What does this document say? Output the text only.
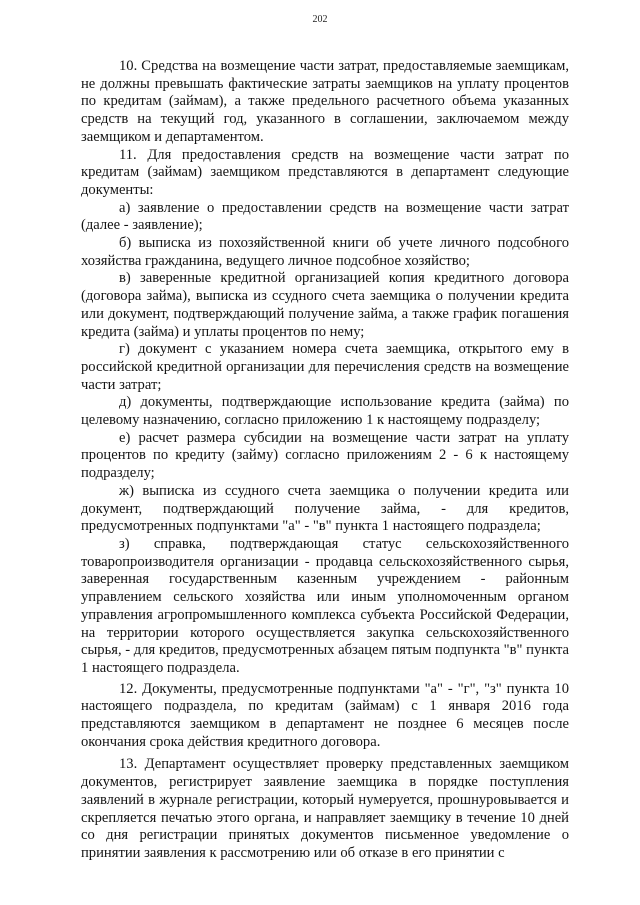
202

10. Средства на возмещение части затрат, предоставляемые заемщикам, не должны превышать фактические затраты заемщиков на уплату процентов по кредитам (займам), а также предельного расчетного объема указанных средств на текущий год, указанного в соглашении, заключаемом между заемщиком и департаментом.

11. Для предоставления средств на возмещение части затрат по кредитам (займам) заемщиком представляются в департамент следующие документы:

а) заявление о предоставлении средств на возмещение части затрат (далее - заявление);

б) выписка из похозяйственной книги об учете личного подсобного хозяйства гражданина, ведущего личное подсобное хозяйство;

в) заверенные кредитной организацией копия кредитного договора (договора займа), выписка из ссудного счета заемщика о получении кредита или документ, подтверждающий получение займа, а также график погашения кредита (займа) и уплаты процентов по нему;

г) документ с указанием номера счета заемщика, открытого ему в российской кредитной организации для перечисления средств на возмещение части затрат;

д) документы, подтверждающие использование кредита (займа) по целевому назначению, согласно приложению 1 к настоящему подразделу;

е) расчет размера субсидии на возмещение части затрат на уплату процентов по кредиту (займу) согласно приложениям 2 - 6 к настоящему подразделу;

ж) выписка из ссудного счета заемщика о получении кредита или документ, подтверждающий получение займа, - для кредитов, предусмотренных подпунктами "а" - "в" пункта 1 настоящего подраздела;

з) справка, подтверждающая статус сельскохозяйственного товаропроизводителя организации - продавца сельскохозяйственного сырья, заверенная государственным казенным учреждением - районным управлением сельского хозяйства или иным уполномоченным органом управления агропромышленного комплекса субъекта Российской Федерации, на территории которого осуществляется закупка сельскохозяйственного сырья, - для кредитов, предусмотренных абзацем пятым подпункта "в" пункта 1 настоящего подраздела.

12. Документы, предусмотренные подпунктами "а" - "г", "з" пункта 10 настоящего подраздела, по кредитам (займам) с 1 января 2016 года представляются заемщиком в департамент не позднее 6 месяцев после окончания срока действия кредитного договора.

13. Департамент осуществляет проверку представленных заемщиком документов, регистрирует заявление заемщика в порядке поступления заявлений в журнале регистрации, который нумеруется, прошнуровывается и скрепляется печатью этого органа, и направляет заемщику в течение 10 дней со дня регистрации принятых документов письменное уведомление о принятии заявления к рассмотрению или об отказе в его принятии с
